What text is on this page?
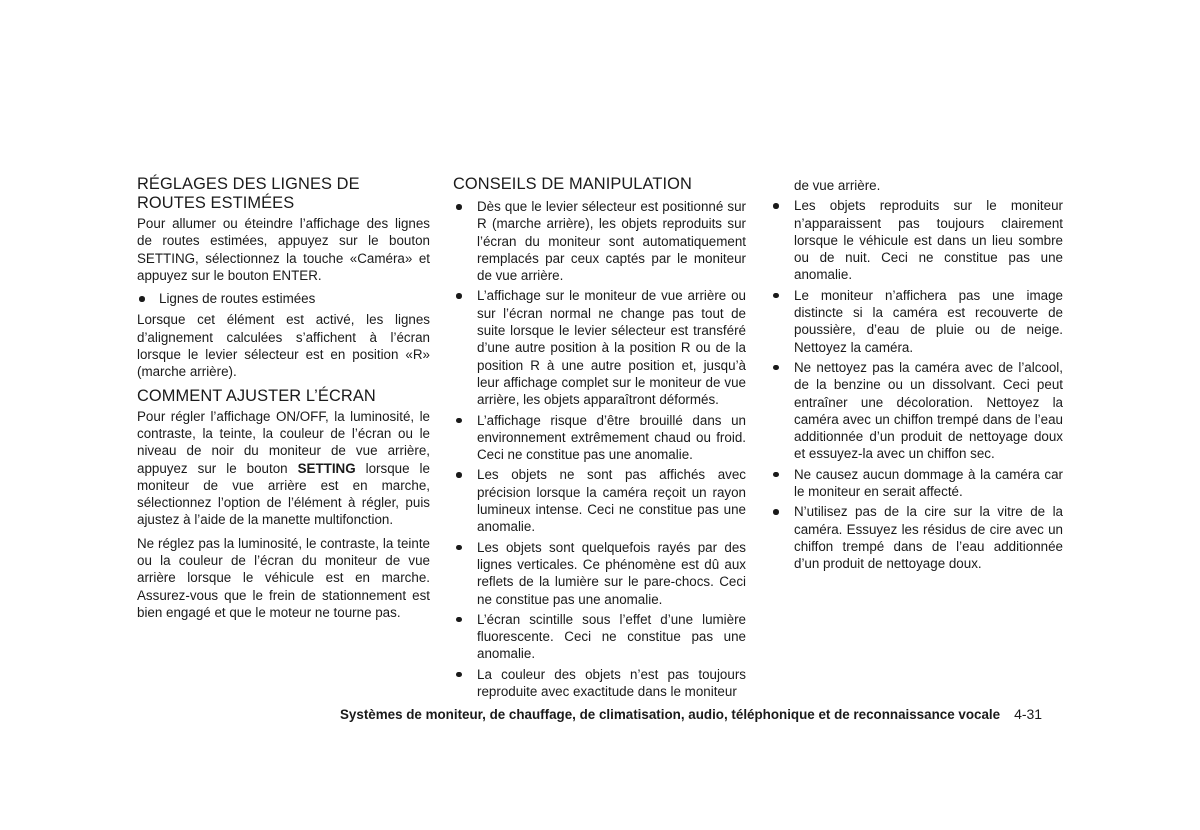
RÉGLAGES DES LIGNES DE ROUTES ESTIMÉES

Pour allumer ou éteindre l’affichage des lignes de routes estimées, appuyez sur le bouton SETTING, sélectionnez la touche «Caméra» et appuyez sur le bouton ENTER.

Lignes de routes estimées

Lorsque cet élément est activé, les lignes d’alignement calculées s’affichent à l’écran lorsque le levier sélecteur est en position «R» (marche arrière).

COMMENT AJUSTER L’ÉCRAN

Pour régler l’affichage ON/OFF, la luminosité, le contraste, la teinte, la couleur de l’écran ou le niveau de noir du moniteur de vue arrière, appuyez sur le bouton SETTING lorsque le moniteur de vue arrière est en marche, sélectionnez l’option de l’élément à régler, puis ajustez à l’aide de la manette multifonction.

Ne réglez pas la luminosité, le contraste, la teinte ou la couleur de l’écran du moniteur de vue arrière lorsque le véhicule est en marche. Assurez-vous que le frein de stationnement est bien engagé et que le moteur ne tourne pas.

CONSEILS DE MANIPULATION
Dès que le levier sélecteur est positionné sur R (marche arrière), les objets reproduits sur l’écran du moniteur sont automatiquement remplacés par ceux captés par le moniteur de vue arrière.
L’affichage sur le moniteur de vue arrière ou sur l’écran normal ne change pas tout de suite lorsque le levier sélecteur est transféré d’une autre position à la position R ou de la position R à une autre position et, jusqu’à leur affichage complet sur le moniteur de vue arrière, les objets apparaîtront déformés.
L’affichage risque d’être brouillé dans un environnement extrêmement chaud ou froid. Ceci ne constitue pas une anomalie.
Les objets ne sont pas affichés avec précision lorsque la caméra reçoit un rayon lumineux intense. Ceci ne constitue pas une anomalie.
Les objets sont quelquefois rayés par des lignes verticales. Ce phénomène est dû aux reflets de la lumière sur le pare-chocs. Ceci ne constitue pas une anomalie.
L’écran scintille sous l’effet d’une lumière fluorescente. Ceci ne constitue pas une anomalie.
La couleur des objets n’est pas toujours reproduite avec exactitude dans le moniteur
de vue arrière.
Les objets reproduits sur le moniteur n’apparaissent pas toujours clairement lorsque le véhicule est dans un lieu sombre ou de nuit. Ceci ne constitue pas une anomalie.
Le moniteur n’affichera pas une image distincte si la caméra est recouverte de poussière, d’eau de pluie ou de neige. Nettoyez la caméra.
Ne nettoyez pas la caméra avec de l’alcool, de la benzine ou un dissolvant. Ceci peut entraîner une décoloration. Nettoyez la caméra avec un chiffon trempé dans de l’eau additionnée d’un produit de nettoyage doux et essuyez-la avec un chiffon sec.
Ne causez aucun dommage à la caméra car le moniteur en serait affecté.
N’utilisez pas de la cire sur la vitre de la caméra. Essuyez les résidus de cire avec un chiffon trempé dans de l’eau additionnée d’un produit de nettoyage doux.
Systèmes de moniteur, de chauffage, de climatisation, audio, téléphonique et de reconnaissance vocale 4-31
